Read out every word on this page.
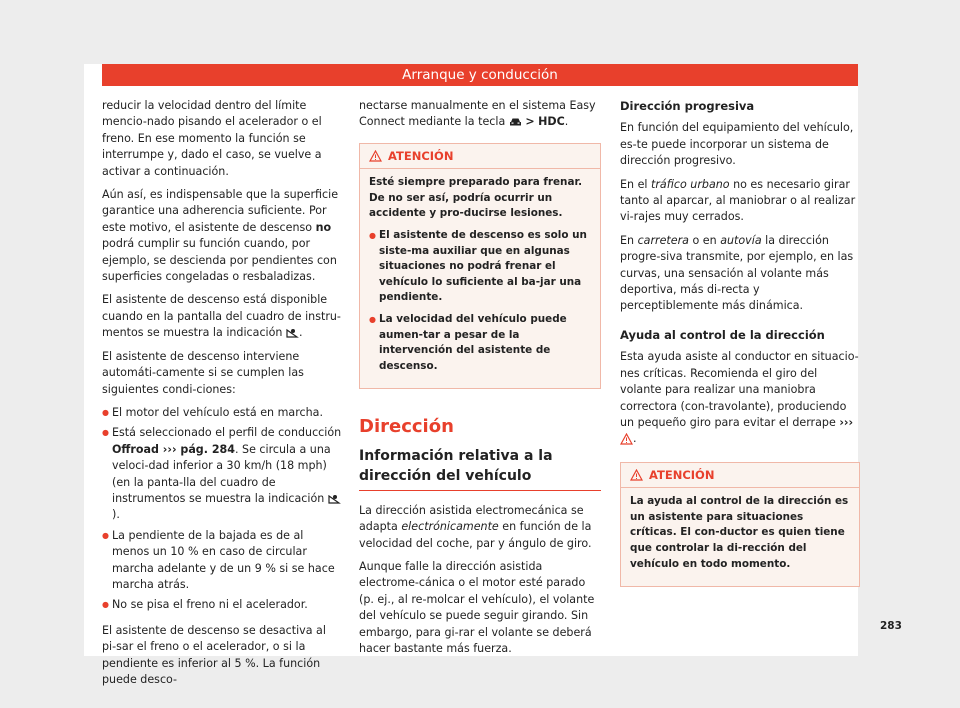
Arranque y conducción

reducir la velocidad dentro del límite mencio-nado pisando el acelerador o el freno. En ese momento la función se interrumpe y, dado el caso, se vuelve a activar a continuación.

Aún así, es indispensable que la superficie garantice una adherencia suficiente. Por este motivo, el asistente de descenso no podrá cumplir su función cuando, por ejemplo, se descienda por pendientes con superficies congeladas o resbaladizas.

El asistente de descenso está disponible cuando en la pantalla del cuadro de instru-mentos se muestra la indicación .

El asistente de descenso interviene automáti-camente si se cumplen las siguientes condi-ciones:

● El motor del vehículo está en marcha.
● Está seleccionado el perfil de conducción Offroad ››› pág. 284. Se circula a una veloci-dad inferior a 30 km/h (18 mph) (en la panta-lla del cuadro de instrumentos se muestra la indicación ).
● La pendiente de la bajada es de al menos un 10 % en caso de circular marcha adelante y de un 9 % si se hace marcha atrás.
● No se pisa el freno ni el acelerador.

El asistente de descenso se desactiva al pi-sar el freno o el acelerador, o si la pendiente es inferior al 5 %. La función puede desco-

nectarse manualmente en el sistema Easy Connect mediante la tecla > HDC.

ATENCIÓN

Esté siempre preparado para frenar. De no ser así, podría ocurrir un accidente y pro-ducirse lesiones.

● El asistente de descenso es solo un siste-ma auxiliar que en algunas situaciones no podrá frenar el vehículo lo suficiente al ba-jar una pendiente.
● La velocidad del vehículo puede aumen-tar a pesar de la intervención del asistente de descenso.
Dirección
Información relativa a la dirección del vehículo

La dirección asistida electromecánica se adapta electrónicamente en función de la velocidad del coche, par y ángulo de giro.

Aunque falle la dirección asistida electrome-cánica o el motor esté parado (p. ej., al re-molcar el vehículo), el volante del vehículo se puede seguir girando. Sin embargo, para gi-rar el volante se deberá hacer bastante más fuerza.

Dirección progresiva

En función del equipamiento del vehículo, es-te puede incorporar un sistema de dirección progresivo.

En el tráfico urbano no es necesario girar tanto al aparcar, al maniobrar o al realizar vi-rajes muy cerrados.

En carretera o en autovía la dirección progre-siva transmite, por ejemplo, en las curvas, una sensación al volante más deportiva, más di-recta y perceptiblemente más dinámica.

Ayuda al control de la dirección

Esta ayuda asiste al conductor en situacio-nes críticas. Recomienda el giro del volante para realizar una maniobra correctora (con-travolante), produciendo un pequeño giro para evitar el derrape ››› .

ATENCIÓN

La ayuda al control de la dirección es un asistente para situaciones críticas. El con-ductor es quien tiene que controlar la di-rección del vehículo en todo momento.

283
